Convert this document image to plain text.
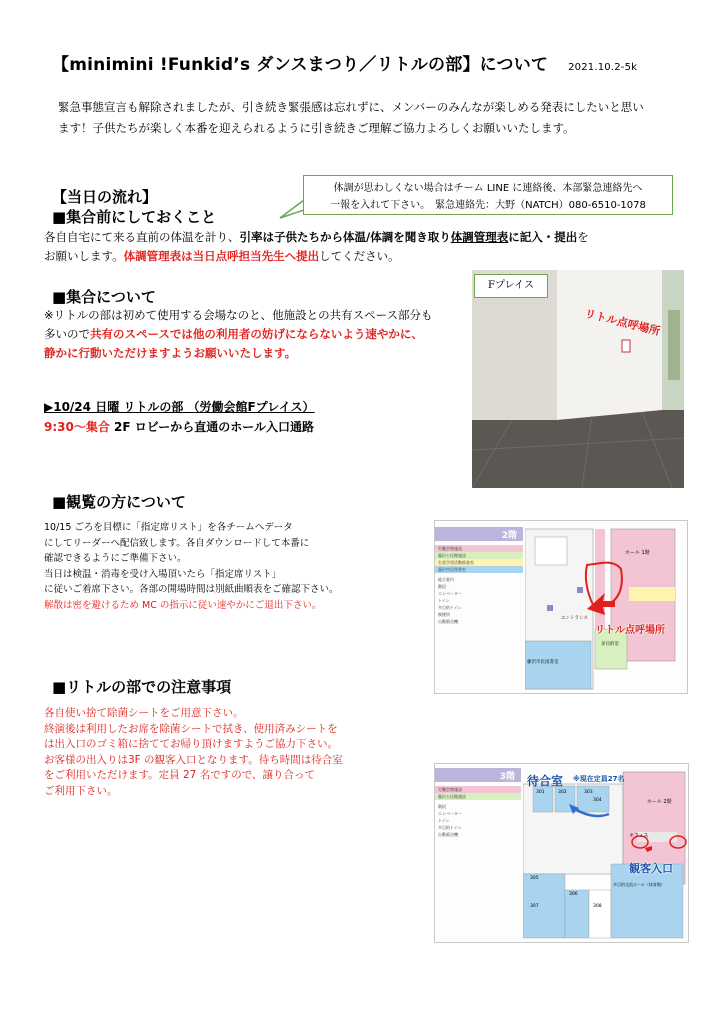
【minimini !Funkid’s ダンスまつり／リトルの部】について 2021.10.2-5k
緊急事態宣言も解除されましたが、引き続き緊張感は忘れずに、メンバーのみんなが楽しめる発表にしたいと思い
ます！子供たちが楽しく本番を迎えられるように引き続きご理解ご協力よろしくお願いいたします。
【当日の流れ】	体調が思わしくない場合はチーム LINE に連絡後、本部緊急連絡先へ
一報を入れて下さい。　緊急連絡先：大野（NATCH）080-6510-1078
■集合前にしておくこと
各自自宅にて来る直前の体温を計り、引率は子供たちから体温/体調を聞き取り体調管理表に記入・提出を
お願いします。体調管理表は当日点呼担当先生へ提出してください。
■集合について
※リトルの部は初めて使用する会場なのと、他施設との共有スペース部分も
多いので共有のスペースでは他の利用者の妨げにならないよう速やかに、
静かに行動いただけますようお願いいたします。
▶10/24 日曜 リトルの部 （労働会館Fプレイス）
9:30～集合 2F ロビーから直通のホール入口通路
リトル点呼場所
Fプレイス
■観覧の方について
10/15 ごろを目標に「指定席リスト」を各チームへデータ
にしてリーダーへ配信致します。各自ダウンロードして本番に
確認できるようにご準備下さい。
当日は検温・消毒を受け入場頂いたら「指定席リスト」
に従いご着席下さい。各部の開場時間は別紙曲順表をご確認下さい。
解散は密を避けるため MC の指示に従い速やかにご退出下さい。
2階
労働会館施設
藤沢公民館施設
生涯学習活動推進室
藤沢市民図書室
総合案内
階段
エレベーター
トイレ
多目的トイレ
喫煙所
自動販売機
ホール 1階
藤沢市民図書室
エントランス
多目的室
リトル点呼場所
■リトルの部での注意事項
各自使い捨て除菌シートをご用意下さい。
終演後は利用したお席を除菌シートで拭き、使用済みシートを
は出入口のゴミ箱に捨ててお帰り頂けますようご協力下さい。
お客様の出入りは3F の観客入口となります。待ち時間は待合室
をご利用いただけます。定員 27 名ですので、譲り合って
ご利用下さい。
3階
労働会館施設
藤沢公民館施設
階段
エレベーター
トイレ
多目的トイレ
自動販売機
待合室 ※現在定員27名
オフィス
ホール 2階
観客入口
多目的交流ホール（体育館）
301	302	303
304
305
306
307	308
